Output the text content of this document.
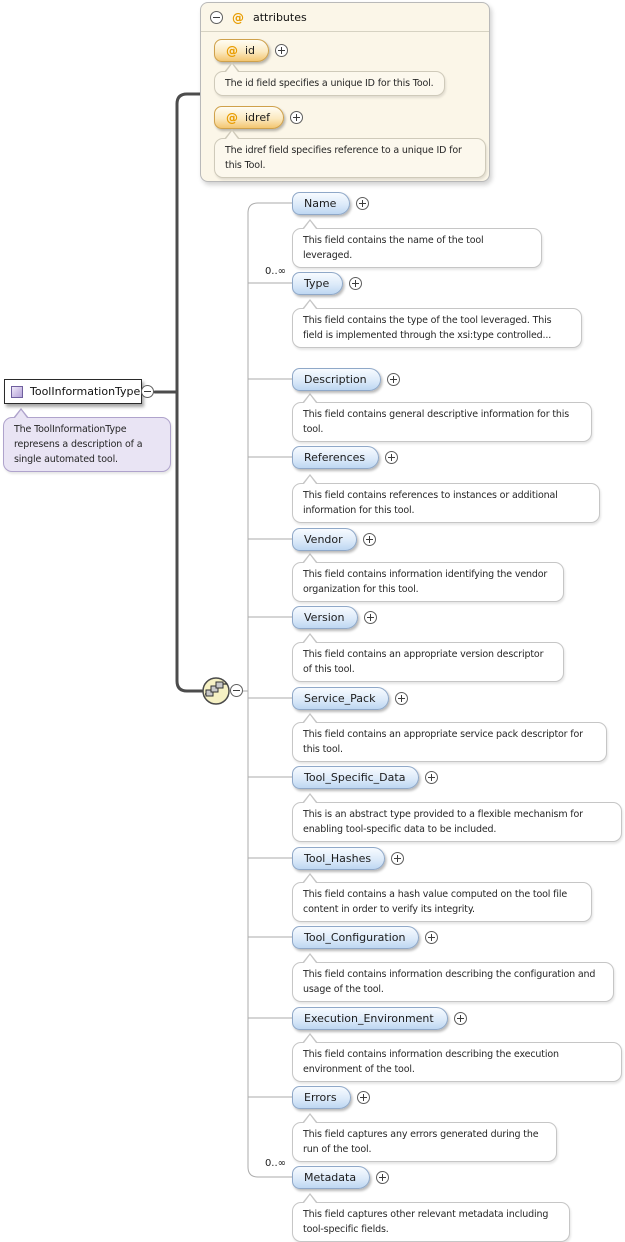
@ attributes
@ id
The id field specifies a unique ID for this Tool.
@ idref
The idref field specifies reference to a unique ID for this Tool.
ToolInformationType
The ToolInformationType represens a description of a single automated tool.
0..∞
0..∞
Name
Type
Description
References
Vendor
Version
Service_Pack
Tool_Specific_Data
Tool_Hashes
Tool_Configuration
Execution_Environment
Errors
Metadata
This field contains the name of the tool leveraged.
This field contains the type of the tool leveraged. This field is implemented through the xsi:type controlled...
This field contains general descriptive information for this tool.
This field contains references to instances or additional information for this tool.
This field contains information identifying the vendor organization for this tool.
This field contains an appropriate version descriptor of this tool.
This field contains an appropriate service pack descriptor for this tool.
This is an abstract type provided to a flexible mechanism for enabling tool-specific data to be included.
This field contains a hash value computed on the tool file content in order to verify its integrity.
This field contains information describing the configuration and usage of the tool.
This field contains information describing the execution environment of the tool.
This field captures any errors generated during the run of the tool.
This field captures other relevant metadata including tool-specific fields.
